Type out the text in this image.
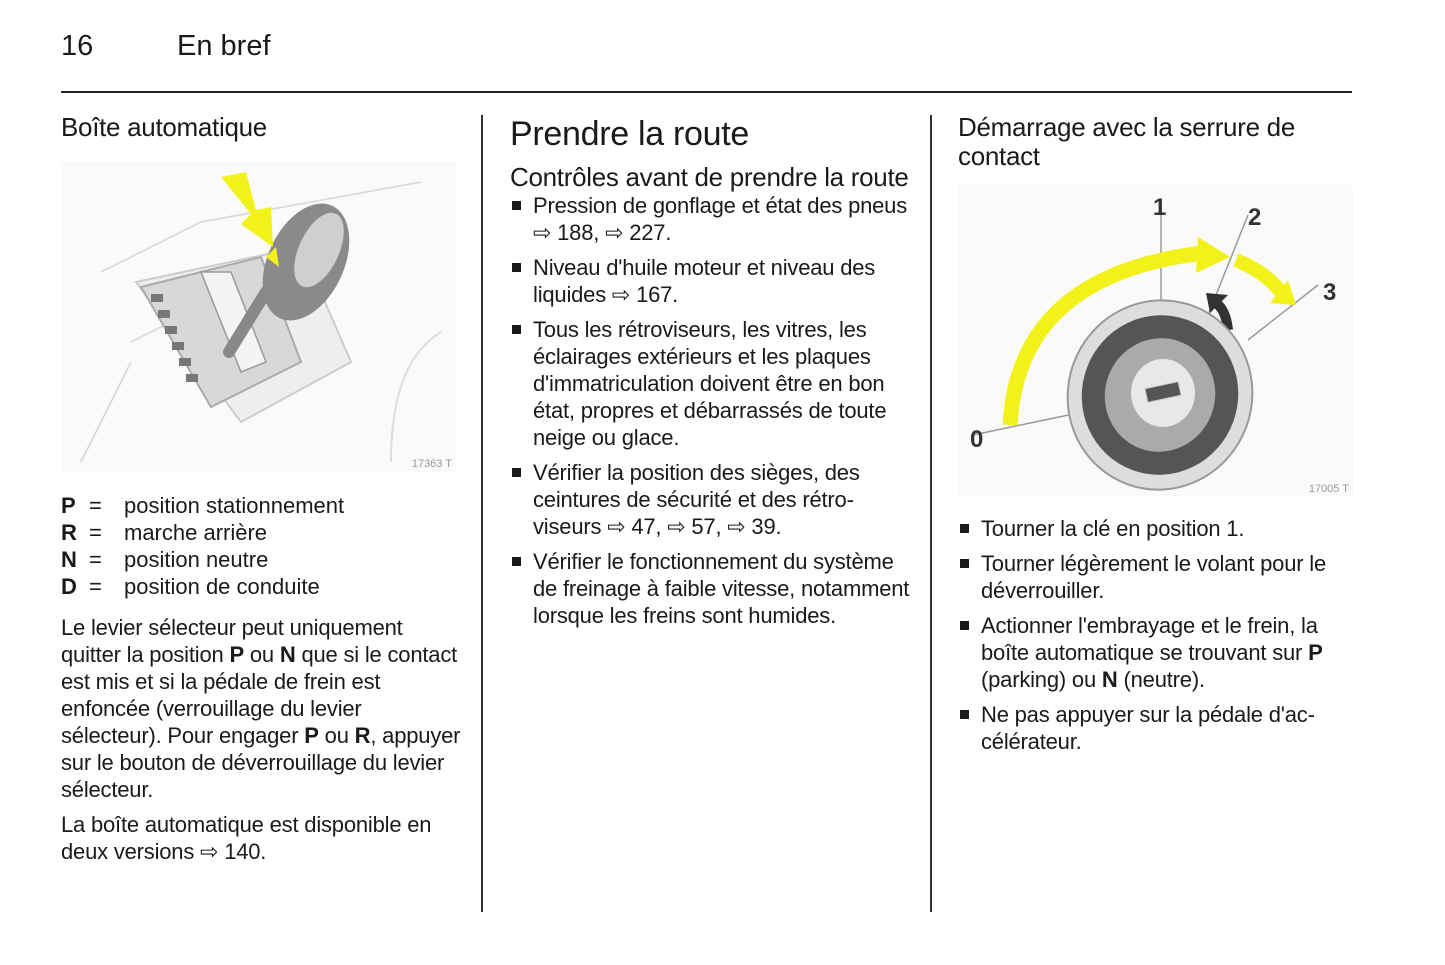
16	En bref
Boîte automatique
17363 T
P =	position stationnement
R =	marche arrière
N =	position neutre
D =	position de conduite

Le levier sélecteur peut uniquement quitter la position P ou N que si le contact est mis et si la pédale de frein est enfoncée (verrouillage du levier sélecteur). Pour engager P ou R, appuyer sur le bouton de déverrouillage du levier sélecteur.

La boîte automatique est disponible en deux versions ⇨ 140.

Prendre la route
Contrôles avant de prendre la route
Pression de gonflage et état des pneus ⇨ 188, ⇨ 227.
Niveau d'huile moteur et niveau des liquides ⇨ 167.
Tous les rétroviseurs, les vitres, les éclairages extérieurs et les plaques d'immatriculation doivent être en bon état, propres et débarrassés de toute neige ou glace.
Vérifier la position des sièges, des ceintures de sécurité et des rétroviseurs ⇨ 47, ⇨ 57, ⇨ 39.
Vérifier le fonctionnement du système de freinage à faible vitesse, notamment lorsque les freins sont humides.
Démarrage avec la serrure de contact
0
1	2
3
17005 T
Tourner la clé en position 1.
Tourner légèrement le volant pour le déverrouiller.
Actionner l'embrayage et le frein, la boîte automatique se trouvant sur P (parking) ou N (neutre).
Ne pas appuyer sur la pédale d'accélérateur.
